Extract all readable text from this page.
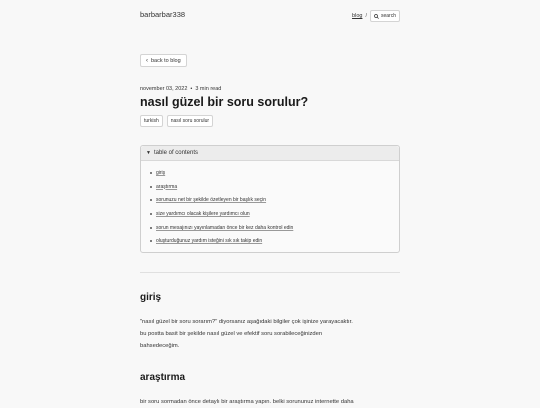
barbarbar338	blog /	search
‹ back to blog
november 03, 2022 • 3 min read
nasıl güzel bir soru sorulur?
turkish	nasıl soru sorulur
▼ table of contents
giriş
araştırma
sorunuzu net bir şekilde özetleyen bir başlık seçin
size yardımcı olacak kişilere yardımcı olun
sorun mesajınızı yayınlamadan önce bir kez daha kontrol edin
oluşturduğunuz yardım isteğini sık sık takip edin
giriş

"nasıl güzel bir soru sorarım?" diyorsanız aşağıdaki bilgiler çok işinize yarayacaktır.

bu postta basit bir şekilde nasıl güzel ve efektif soru sorabileceğinizden

bahsedeceğim.

araştırma

bir soru sormadan önce detaylı bir araştırma yapın. belki sorununuz internette daha
